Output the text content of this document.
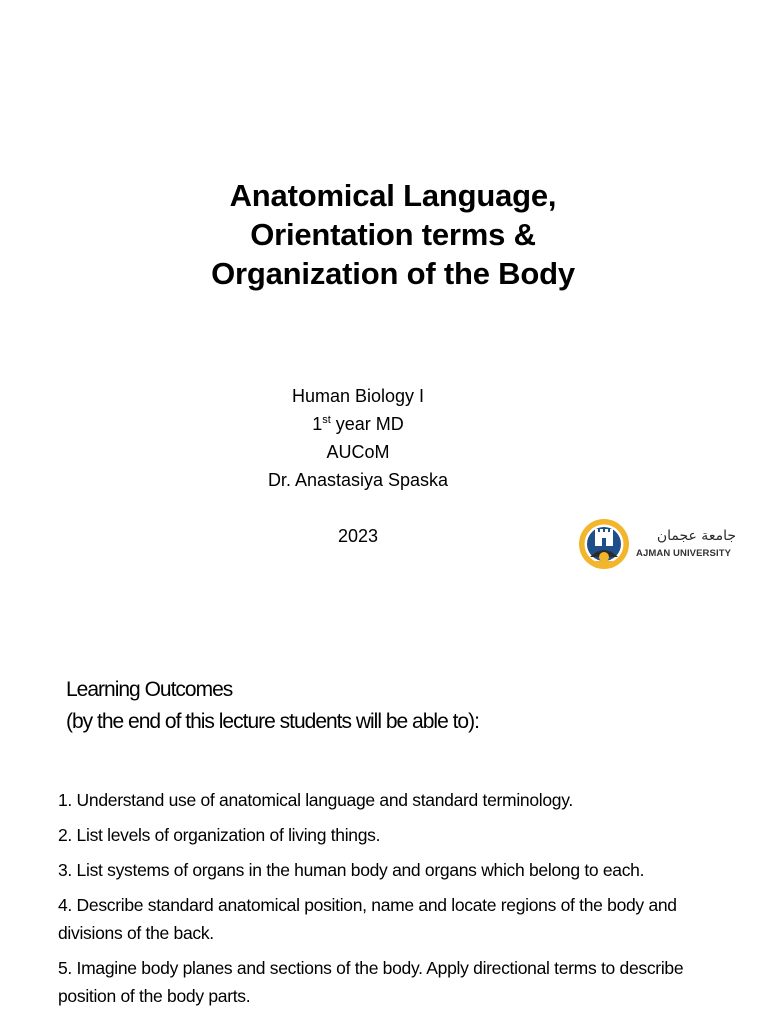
Anatomical Language,
Orientation terms &
Organization of the Body
Human Biology I
1st year MD
AUCoM
Dr. Anastasiya Spaska
2023	جامعة عجمان
AJMAN UNIVERSITY
Learning Outcomes
(by the end of this lecture students will be able to):
1. Understand use of anatomical language and standard terminology.
2. List levels of organization of living things.
3. List systems of organs in the human body and organs which belong to each.
4. Describe standard anatomical position, name and locate regions of the body and divisions of the back.
5. Imagine body planes and sections of the body. Apply directional terms to describe position of the body parts.
